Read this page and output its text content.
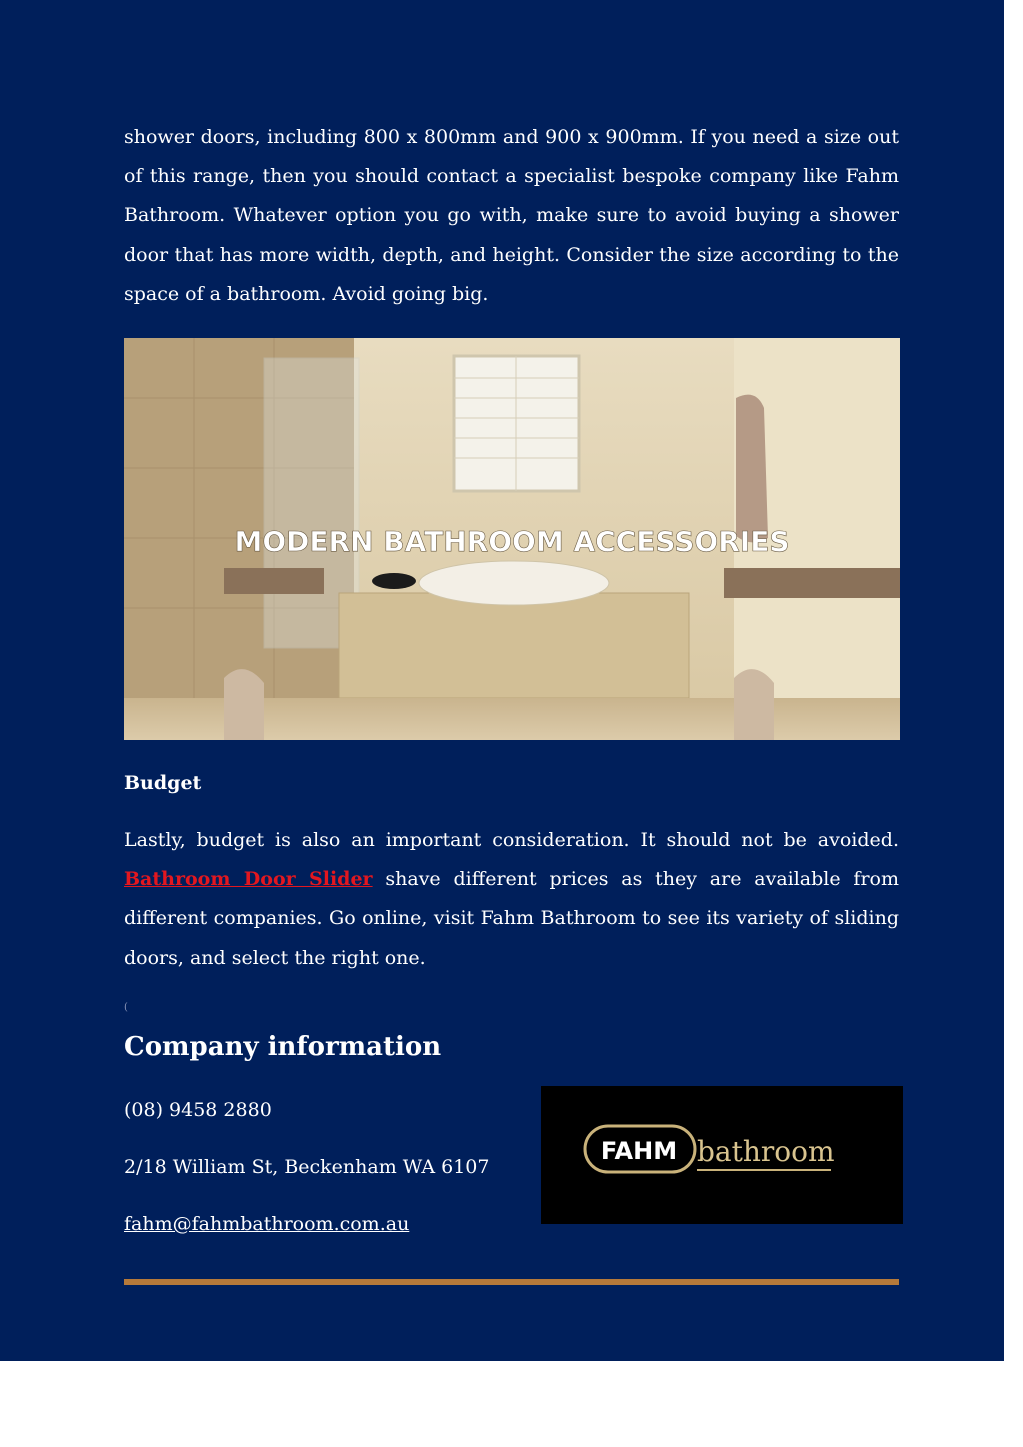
shower doors, including 800 x 800mm and 900 x 900mm. If you need a size out of this range, then you should contact a specialist bespoke company like Fahm Bathroom. Whatever option you go with, make sure to avoid buying a shower door that has more width, depth, and height. Consider the size according to the space of a bathroom. Avoid going big.

MODERN BATHROOM ACCESSORIES
Budget

Lastly, budget is also an important consideration. It should not be avoided. Bathroom Door Slider shave different prices as they are available from different companies. Go online, visit Fahm Bathroom to see its variety of sliding doors, and select the right one.

(
Company information

(08) 9458 2880

2/18 William St, Beckenham WA 6107

fahm@fahmbathroom.com.au
FAHM bathroom
